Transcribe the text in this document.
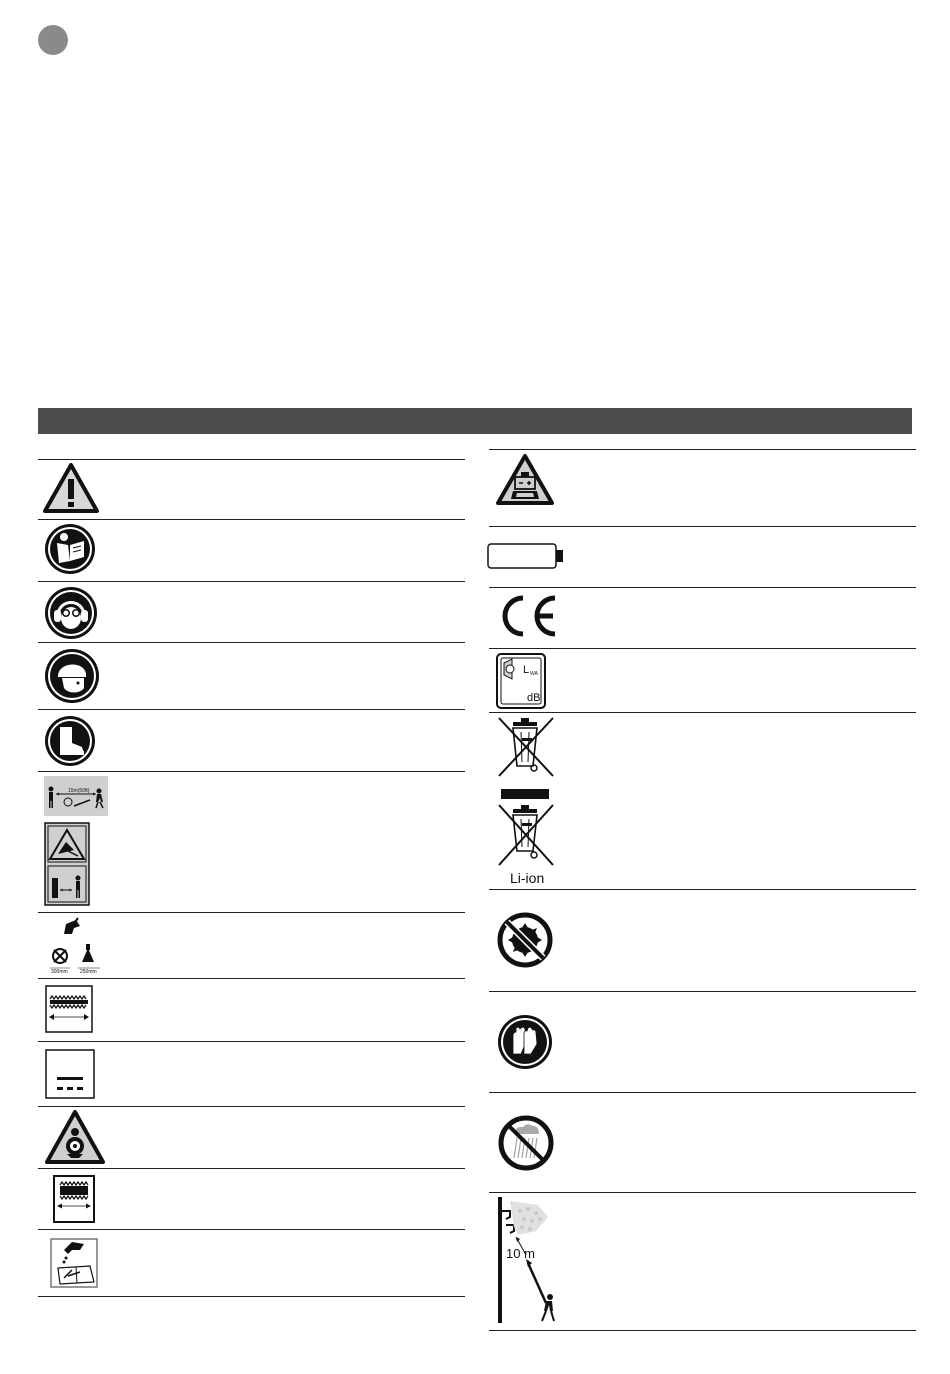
15m(50ft)
300mm 250mm
L WA
dB
Li-ion
10 m
